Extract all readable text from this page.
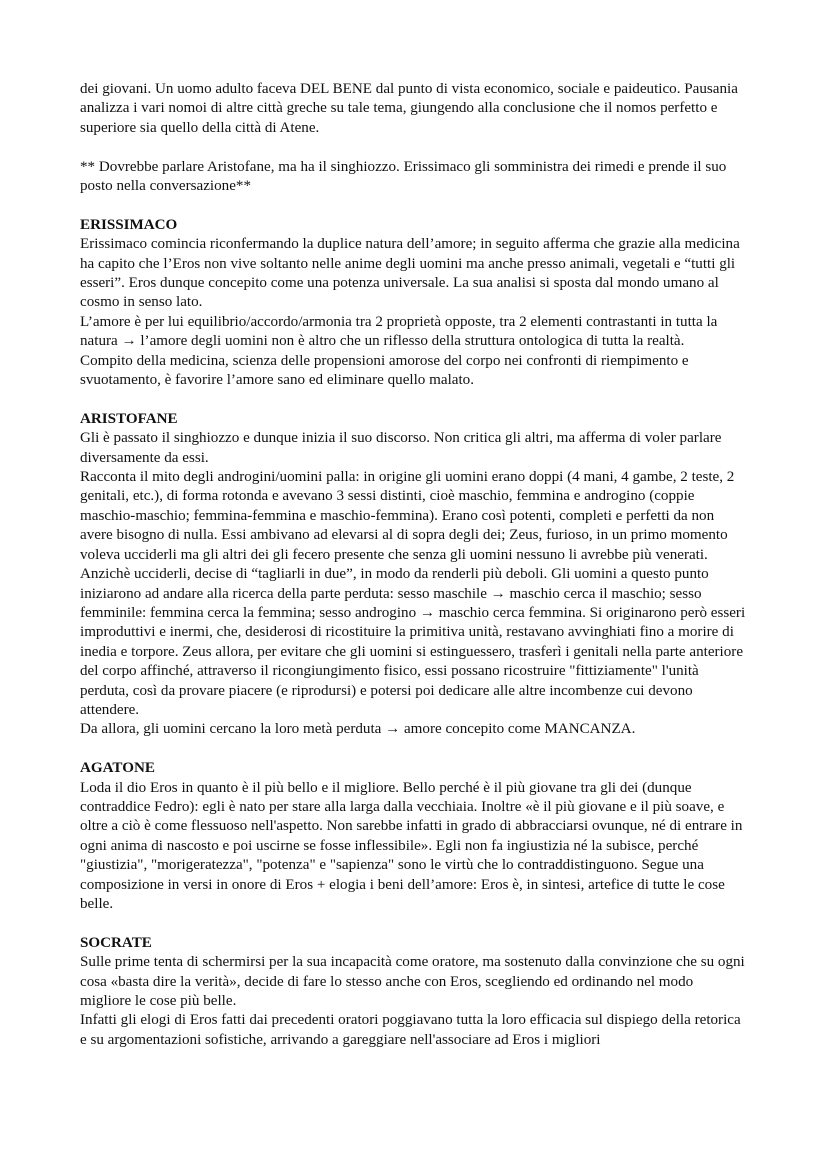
dei giovani. Un uomo adulto faceva DEL BENE dal punto di vista economico, sociale e paideutico. Pausania analizza i vari nomoi di altre città greche su tale tema, giungendo alla conclusione che il nomos perfetto e superiore sia quello della città di Atene.

** Dovrebbe parlare Aristofane, ma ha il singhiozzo. Erissimaco gli somministra dei rimedi e prende il suo posto nella conversazione**

ERISSIMACO

Erissimaco comincia riconfermando la duplice natura dell’amore; in seguito afferma che grazie alla medicina ha capito che l’Eros non vive soltanto nelle anime degli uomini ma anche presso animali, vegetali e “tutti gli esseri”. Eros dunque concepito come una potenza universale. La sua analisi si sposta dal mondo umano al cosmo in senso lato.

L’amore è per lui equilibrio/accordo/armonia tra 2 proprietà opposte, tra 2 elementi contrastanti in tutta la natura → l’amore degli uomini non è altro che un riflesso della struttura ontologica di tutta la realtà.

Compito della medicina, scienza delle propensioni amorose del corpo nei confronti di riempimento e svuotamento, è favorire l’amore sano ed eliminare quello malato.

ARISTOFANE

Gli è passato il singhiozzo e dunque inizia il suo discorso. Non critica gli altri, ma afferma di voler parlare diversamente da essi.

Racconta il mito degli androgini/uomini palla: in origine gli uomini erano doppi (4 mani, 4 gambe, 2 teste, 2 genitali, etc.), di forma rotonda e avevano 3 sessi distinti, cioè maschio, femmina e androgino (coppie maschio-maschio; femmina-femmina e maschio-femmina). Erano così potenti, completi e perfetti da non avere bisogno di nulla. Essi ambivano ad elevarsi al di sopra degli dei; Zeus, furioso, in un primo momento voleva ucciderli ma gli altri dei gli fecero presente che senza gli uomini nessuno li avrebbe più venerati. Anzichè ucciderli, decise di “tagliarli in due”, in modo da renderli più deboli. Gli uomini a questo punto iniziarono ad andare alla ricerca della parte perduta: sesso maschile → maschio cerca il maschio; sesso femminile: femmina cerca la femmina; sesso androgino → maschio cerca femmina. Si originarono però esseri improduttivi e inermi, che, desiderosi di ricostituire la primitiva unità, restavano avvinghiati fino a morire di inedia e torpore. Zeus allora, per evitare che gli uomini si estinguessero, trasferì i genitali nella parte anteriore del corpo affinché, attraverso il ricongiungimento fisico, essi possano ricostruire "fittiziamente" l'unità perduta, così da provare piacere (e riprodursi) e potersi poi dedicare alle altre incombenze cui devono attendere.

Da allora, gli uomini cercano la loro metà perduta → amore concepito come MANCANZA.

AGATONE

Loda il dio Eros in quanto è il più bello e il migliore. Bello perché è il più giovane tra gli dei (dunque contraddice Fedro): egli è nato per stare alla larga dalla vecchiaia. Inoltre «è il più giovane e il più soave, e oltre a ciò è come flessuoso nell'aspetto. Non sarebbe infatti in grado di abbracciarsi ovunque, né di entrare in ogni anima di nascosto e poi uscirne se fosse inflessibile». Egli non fa ingiustizia né la subisce, perché "giustizia", "morigeratezza", "potenza" e "sapienza" sono le virtù che lo contraddistinguono. Segue una composizione in versi in onore di Eros + elogia i beni dell’amore: Eros è, in sintesi, artefice di tutte le cose belle.

SOCRATE

Sulle prime tenta di schermirsi per la sua incapacità come oratore, ma sostenuto dalla convinzione che su ogni cosa «basta dire la verità», decide di fare lo stesso anche con Eros, scegliendo ed ordinando nel modo migliore le cose più belle.

Infatti gli elogi di Eros fatti dai precedenti oratori poggiavano tutta la loro efficacia sul dispiego della retorica e su argomentazioni sofistiche, arrivando a gareggiare nell'associare ad Eros i migliori
